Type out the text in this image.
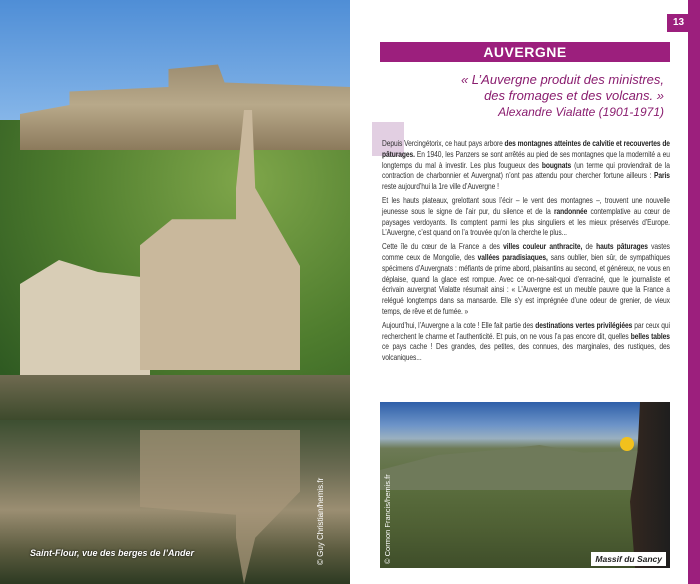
Saint-Flour, vue des berges de l’Ander	© Guy Christian/hemis.fr
13
AUVERGNE
« L’Auvergne produit des ministres,
des fromages et des volcans. »
Alexandre Vialatte (1901-1971)

Depuis Vercingétorix, ce haut pays arbore des montagnes atteintes de calvitie et recouvertes de pâturages. En 1940, les Panzers se sont arrêtés au pied de ses montagnes que la modernité a eu longtemps du mal à investir. Les plus fougueux des bougnats (un terme qui proviendrait de la contraction de charbonnier et Auvergnat) n’ont pas attendu pour chercher fortune ailleurs : Paris reste aujourd’hui la 1re ville d’Auvergne !

Et les hauts plateaux, grelottant sous l’écir – le vent des montagnes –, trouvent une nouvelle jeunesse sous le signe de l’air pur, du silence et de la randonnée contemplative au cœur de paysages verdoyants. Ils comptent parmi les plus singuliers et les mieux préservés d’Europe. L’Auvergne, c’est quand on l’a trouvée qu’on la cherche le plus...

Cette île du cœur de la France a des villes couleur anthracite, de hauts pâturages vastes comme ceux de Mongolie, des vallées paradisiaques, sans oublier, bien sûr, de sympathiques spécimens d’Auvergnats : méfiants de prime abord, plaisantins au second, et généreux, ne vous en déplaise, quand la glace est rompue. Avec ce on-ne-sait-quoi d’enraciné, que le journaliste et écrivain auvergnat Vialatte résumait ainsi : « L’Auvergne est un meuble pauvre que la France a relégué longtemps dans sa mansarde. Elle s’y est imprégnée d’une odeur de grenier, de vieux temps, de rêve et de fumée. »

Aujourd’hui, l’Auvergne a la cote ! Elle fait partie des destinations vertes privilégiées par ceux qui recherchent le charme et l’authenticité. Et puis, on ne vous l’a pas encore dit, quelles belles tables ce pays cache ! Des grandes, des petites, des connues, des marginales, des rustiques, des volcaniques...

Massif du Sancy
© Cormon Francis/hemis.fr
